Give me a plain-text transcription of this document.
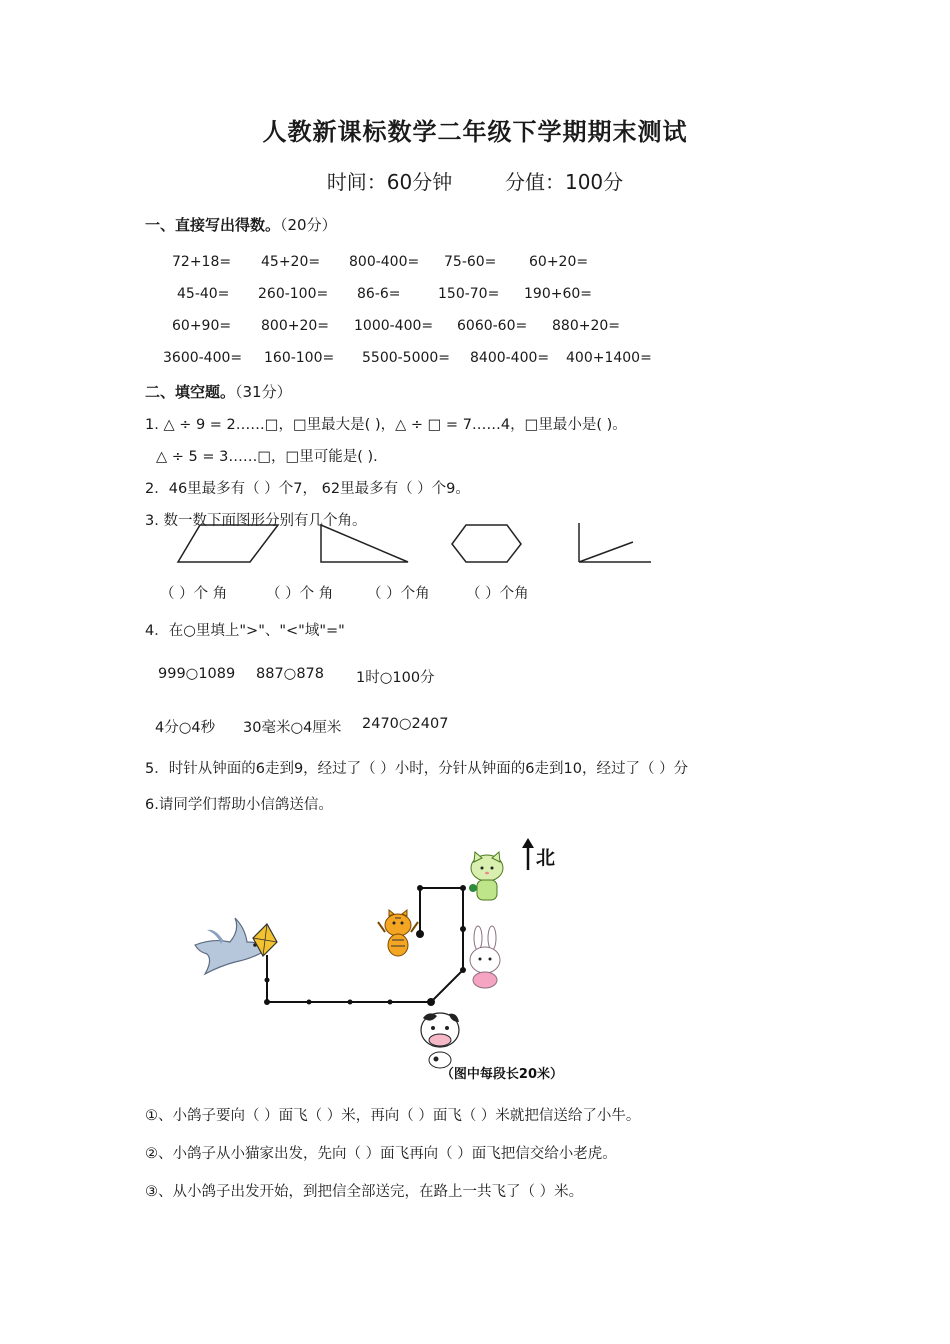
人教新课标数学二年级下学期期末测试
时间：60分钟	分值：100分
一、直接写出得数。（20分）
72+18= 45+20= 800-400= 75-60= 60+20=
45-40= 260-100= 86-6=	150-70= 190+60=
60+90= 800+20= 1000-400= 6060-60= 880+20=
3600-400= 160-100= 5500-5000= 8400-400= 400+1400=
二、填空题。（31分）
1. △ ÷ 9 = 2……□，□里最大是( )，△ ÷ □ = 7……4，□里最小是( )。
△ ÷ 5 = 3……□，□里可能是( ).
2．46里最多有（ ）个7， 62里最多有（ ）个9。
3. 数一数下面图形分别有几个角。
（ ）个 角	（ ）个 角 （ ）个角	（ ）个角
4．在○里填上">"、"<"域"="
999○1089 887○878 1时○100分
4分○4秒 30毫米○4厘米 2470○2407
5．时针从钟面的6走到9，经过了（ ）小时，分针从钟面的6走到10，经过了（ ）分
6.请同学们帮助小信鸽送信。
北
（图中每段长20米）
①、小鸽子要向（ ）面飞（ ）米，再向（ ）面飞（ ）米就把信送给了小牛。
②、小鸽子从小猫家出发，先向（ ）面飞再向（ ）面飞把信交给小老虎。
③、从小鸽子出发开始，到把信全部送完，在路上一共飞了（ ）米。
